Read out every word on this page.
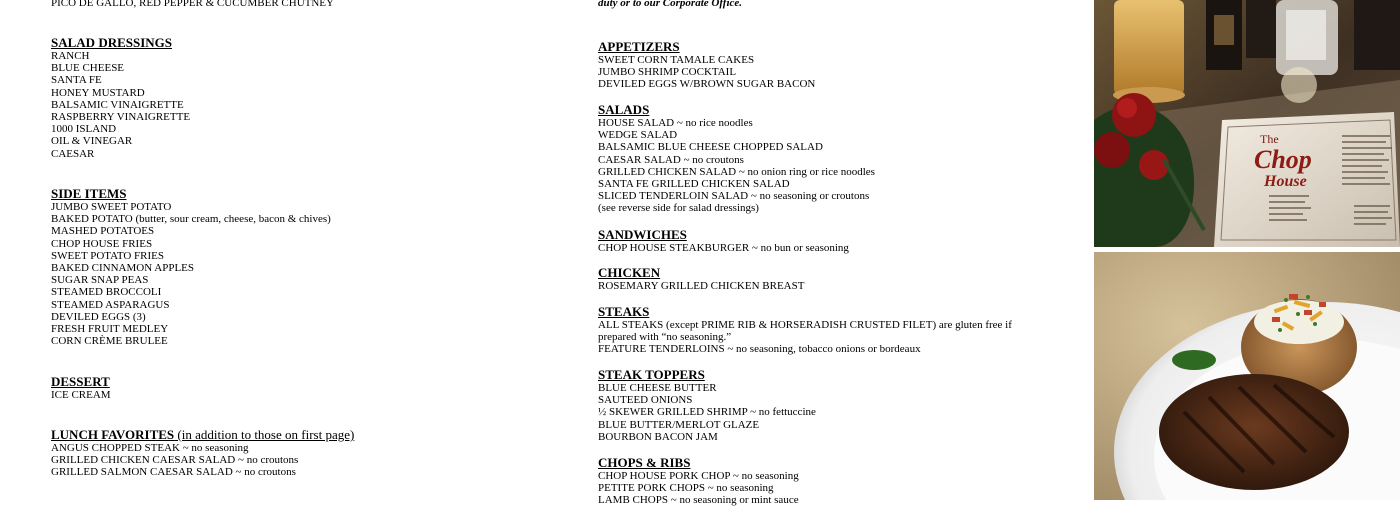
PICO DE GALLO, RED PEPPER & CUCUMBER CHUTNEY
SALAD DRESSINGS
RANCH
BLUE CHEESE
SANTA FE
HONEY MUSTARD
BALSAMIC VINAIGRETTE
RASPBERRY VINAIGRETTE
1000 ISLAND
OIL & VINEGAR
CAESAR
SIDE ITEMS
JUMBO SWEET POTATO
BAKED POTATO (butter, sour cream, cheese, bacon & chives)
MASHED POTATOES
CHOP HOUSE FRIES
SWEET POTATO FRIES
BAKED CINNAMON APPLES
SUGAR SNAP PEAS
STEAMED BROCCOLI
STEAMED ASPARAGUS
DEVILED EGGS (3)
FRESH FRUIT MEDLEY
CORN CRÈME BRULEE
DESSERT
ICE CREAM
LUNCH FAVORITES (in addition to those on first page)
ANGUS CHOPPED STEAK ~ no seasoning
GRILLED CHICKEN CAESAR SALAD ~ no croutons
GRILLED SALMON CAESAR SALAD ~ no croutons
duty or to our Corporate Office.
APPETIZERS
SWEET CORN TAMALE CAKES
JUMBO SHRIMP COCKTAIL
DEVILED EGGS W/BROWN SUGAR BACON
SALADS
HOUSE SALAD ~ no rice noodles
WEDGE SALAD
BALSAMIC BLUE CHEESE CHOPPED SALAD
CAESAR SALAD ~ no croutons
GRILLED CHICKEN SALAD ~ no onion ring or rice noodles
SANTA FE GRILLED CHICKEN SALAD
SLICED TENDERLOIN SALAD ~ no seasoning or croutons
(see reverse side for salad dressings)
SANDWICHES
CHOP HOUSE STEAKBURGER ~ no bun or seasoning
CHICKEN
ROSEMARY GRILLED CHICKEN BREAST
STEAKS
ALL STEAKS (except PRIME RIB & HORSERADISH CRUSTED FILET) are gluten free if prepared with “no seasoning.”
FEATURE TENDERLOINS ~ no seasoning, tobacco onions or bordeaux
STEAK TOPPERS
BLUE CHEESE BUTTER
SAUTEED ONIONS
½ SKEWER GRILLED SHRIMP ~ no fettuccine
BLUE BUTTER/MERLOT GLAZE
BOURBON BACON JAM
CHOPS & RIBS
CHOP HOUSE PORK CHOP ~ no seasoning
PETITE PORK CHOPS ~ no seasoning
LAMB CHOPS ~ no seasoning or mint sauce
The
Chop
House
